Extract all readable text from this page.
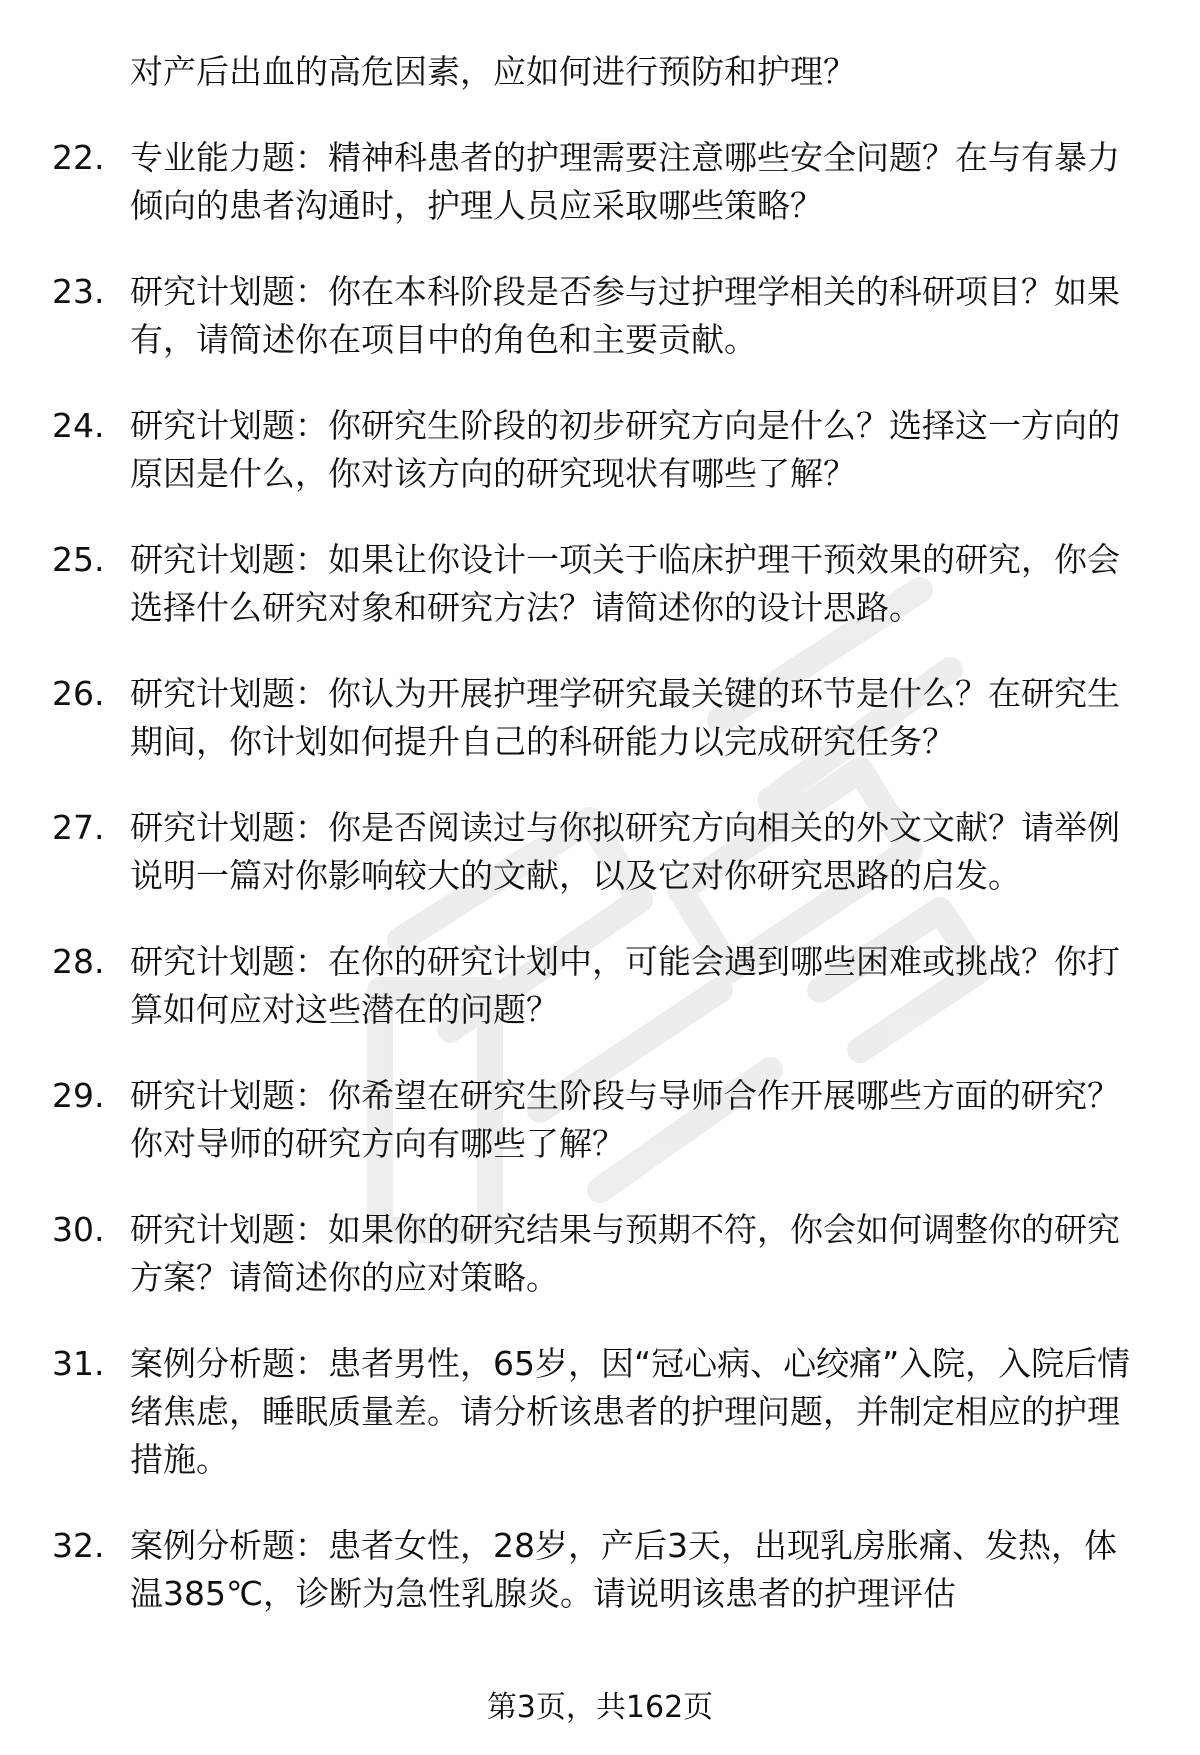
对产后出血的高危因素，应如何进行预防和护理？
22. 专业能力题：精神科患者的护理需要注意哪些安全问题？在与有暴力倾向的患者沟通时，护理人员应采取哪些策略？
23. 研究计划题：你在本科阶段是否参与过护理学相关的科研项目？如果有，请简述你在项目中的角色和主要贡献。
24. 研究计划题：你研究生阶段的初步研究方向是什么？选择这一方向的原因是什么，你对该方向的研究现状有哪些了解？
25. 研究计划题：如果让你设计一项关于临床护理干预效果的研究，你会选择什么研究对象和研究方法？请简述你的设计思路。
26. 研究计划题：你认为开展护理学研究最关键的环节是什么？在研究生期间，你计划如何提升自己的科研能力以完成研究任务？
27. 研究计划题：你是否阅读过与你拟研究方向相关的外文文献？请举例说明一篇对你影响较大的文献，以及它对你研究思路的启发。
28. 研究计划题：在你的研究计划中，可能会遇到哪些困难或挑战？你打算如何应对这些潜在的问题？
29. 研究计划题：你希望在研究生阶段与导师合作开展哪些方面的研究？你对导师的研究方向有哪些了解？
30. 研究计划题：如果你的研究结果与预期不符，你会如何调整你的研究方案？请简述你的应对策略。
31. 案例分析题：患者男性，65岁，因“冠心病、心绞痛”入院，入院后情绪焦虑，睡眠质量差。请分析该患者的护理问题，并制定相应的护理措施。
32. 案例分析题：患者女性，28岁，产后3天，出现乳房胀痛、发热，体温385℃，诊断为急性乳腺炎。请说明该患者的护理评估
第3页，共162页
